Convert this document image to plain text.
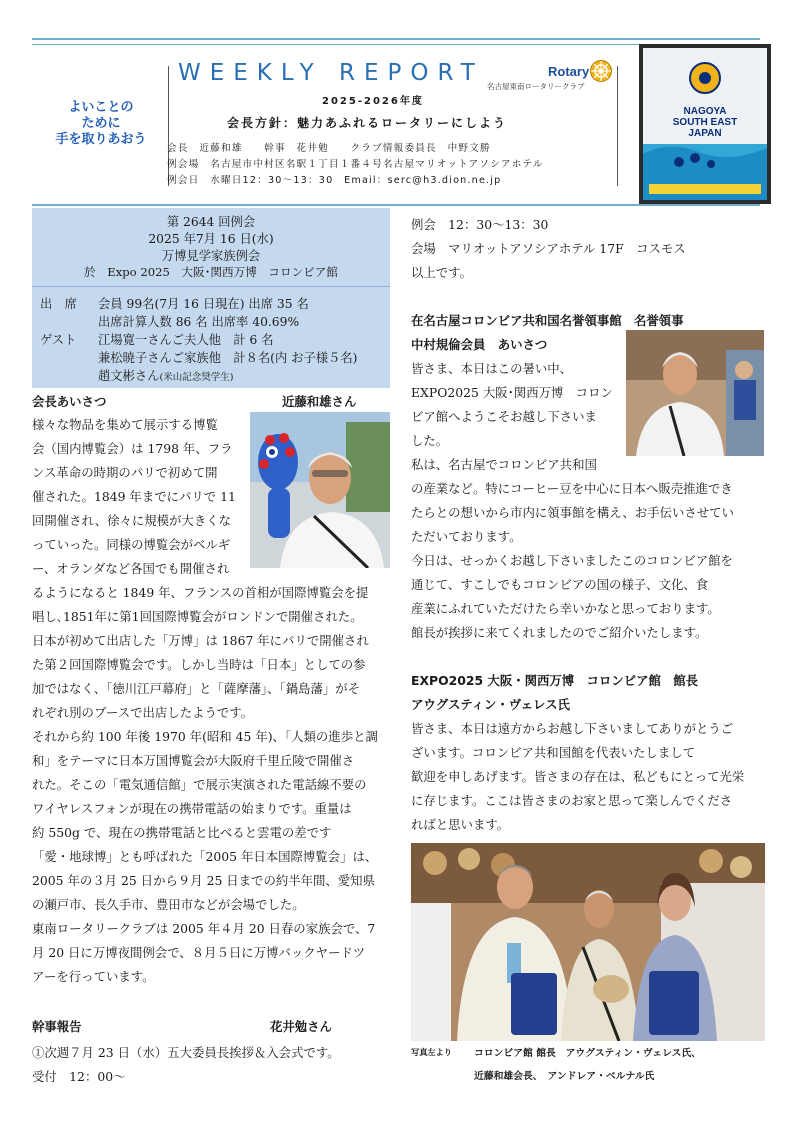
よいことの
ために
手を取りあおう
WEEKLY REPORT	Rotary
名古屋東南ロータリークラブ
2025-2026年度
会長方針：魅力あふれるロータリーにしよう
会長　近藤和雄　　幹事　花井勉　　クラブ情報委員長　中野文勝
例会場　名古屋市中村区名駅１丁目１番４号名古屋マリオットアソシアホテル
例会日　水曜日12：30～13：30　Email：serc@h3.dion.ne.jp
NAGOYA
SOUTH EAST
JAPAN
第 2644 回例会
2025 年7月 16 日(水)
万博見学家族例会
於　Expo 2025　大阪･関西万博　コロンビア館
出　席 会員 99名(7月 16 日現在) 出席 35 名
出席計算人数 86 名 出席率 40.69%
ゲスト 江場寛一さんご夫人他　計 6 名
兼松暁子さんご家族他　計８名(内 お子様５名)
趙文彬さん(米山記念奨学生)
会長あいさつ	近藤和雄さん
様々な物品を集めて展示する博覧
会（国内博覧会）は 1798 年、フラ
ンス革命の時期のパリで初めて開
催された。1849 年までにパリで 11
回開催され、徐々に規模が大きくな
っていった。同様の博覧会がベルギ
ー、オランダなど各国でも開催され
るようになると 1849 年、フランスの首相が国際博覧会を提
唱し､1851年に第1回国際博覧会がロンドンで開催された。
日本が初めて出店した「万博」は 1867 年にパリで開催され
た第２回国際博覧会です。しかし当時は「日本」としての参
加ではなく、「徳川江戸幕府」と「薩摩藩」、「鍋島藩」がそ
れぞれ別のブースで出店したようです。
それから約 100 年後 1970 年(昭和 45 年)、｢人類の進歩と調
和」をテーマに日本万国博覧会が大阪府千里丘陵で開催さ
れた。そこの「電気通信館」で展示実演された電話線不要の
ワイヤレスフォンが現在の携帯電話の始まりです。重量は
約 550g で、現在の携帯電話と比べると雲電の差です
「愛・地球博」とも呼ばれた「2005 年日本国際博覧会」は、
2005 年の３月 25 日から９月 25 日までの約半年間、愛知県
の瀬戸市、長久手市、豊田市などが会場でした。
東南ロータリークラブは 2005 年４月 20 日春の家族会で、7
月 20 日に万博夜間例会で、８月５日に万博バックヤードツ
アーを行っています。
幹事報告	花井勉さん
①次週７月 23 日（水）五大委員長挨拶＆入会式です。
受付　12：00～
例会　12：30～13：30
会場　マリオットアソシアホテル 17F　コスモス
以上です。
在名古屋コロンビア共和国名誉領事館　名誉領事
中村規倫会員　あいさつ
皆さま、本日はこの暑い中、
EXPO2025 大阪･関西万博　コロン
ビア館へようこそお越し下さいま
した。
私は、名古屋でコロンビア共和国
の産業など。特にコーヒー豆を中心に日本へ販売推進でき
たらとの想いから市内に領事館を構え、お手伝いさせてい
ただいております。
今日は、せっかくお越し下さいましたこのコロンビア館を
通じて、すこしでもコロンビアの国の様子、文化、食
産業にふれていただけたら幸いかなと思っております。
館長が挨拶に来てくれましたのでご紹介いたします。
EXPO2025 大阪・関西万博　コロンビア館　館長
アウグスティン・ヴェレス氏
皆さま、本日は遠方からお越し下さいましてありがとうご
ざいます。コロンビア共和国館を代表いたしまして
歓迎を申しあげます。皆さまの存在は、私どもにとって光栄
に存じます。ここは皆さまのお家と思って楽しんでくださ
ればと思います。
写真左より コロンビア館 館長　アウグスティン・ヴェレス氏、
近藤和雄会長、　アンドレア・ベルナル氏
